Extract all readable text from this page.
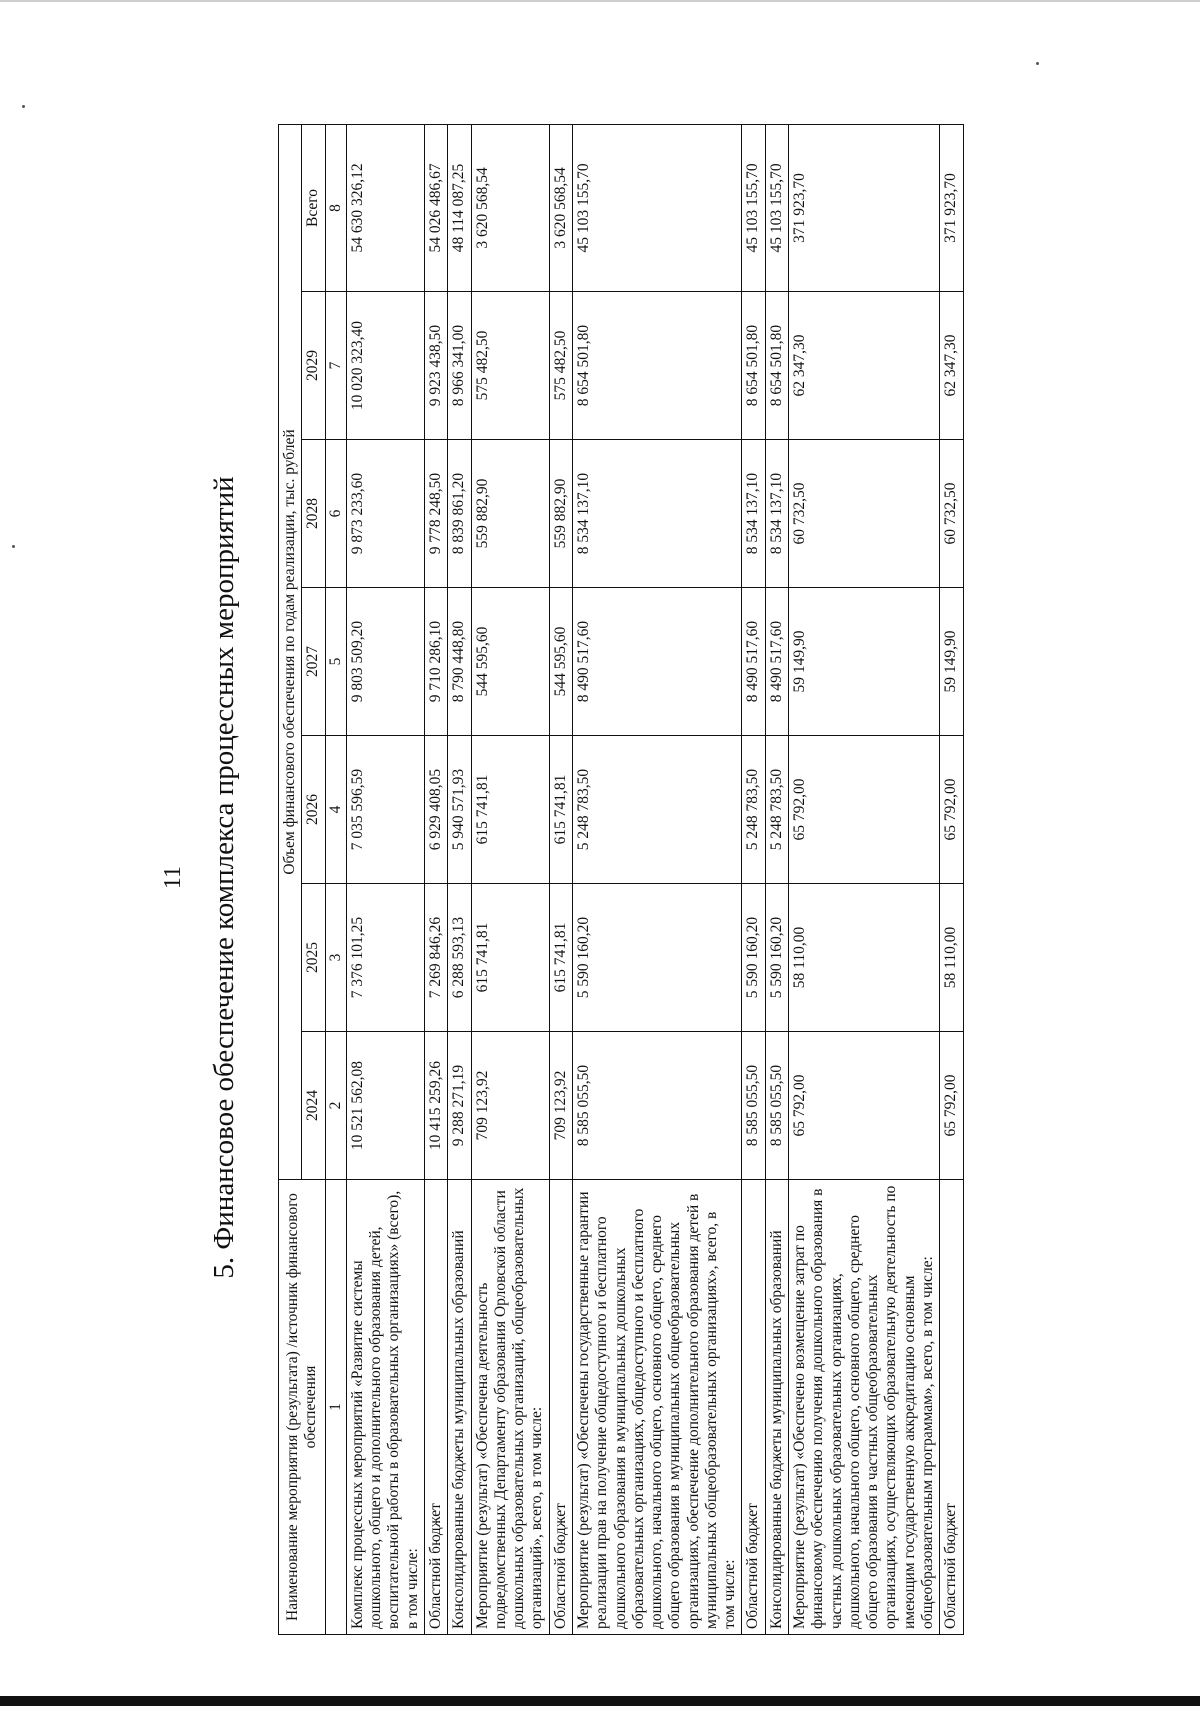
11 5. Финансовое обеспечение комплекса процессных мероприятий
Наименование мероприятия (результата) /источник финансового обеспечения	Объем финансового обеспечения по годам реализации, тыс. рублей						
	2024	2025	2026	2027	2028	2029	Всего
1	2	3	4	5	6	7	8
Комплекс процессных мероприятий «Развитие системы дошкольного, общего и дополнительного образования детей, воспитательной работы в образовательных организациях» (всего), в том числе:	10 521 562,08	7 376 101,25	7 035 596,59	9 803 509,20	9 873 233,60	10 020 323,40	54 630 326,12
Областной бюджет	10 415 259,26	7 269 846,26	6 929 408,05	9 710 286,10	9 778 248,50	9 923 438,50	54 026 486,67
Консолидированные бюджеты муниципальных образований	9 288 271,19	6 288 593,13	5 940 571,93	8 790 448,80	8 839 861,20	8 966 341,00	48 114 087,25
Мероприятие (результат) «Обеспечена деятельность подведомственных Департаменту образования Орловской области дошкольных образовательных организаций, общеобразовательных организаций», всего, в том числе:	709 123,92	615 741,81	615 741,81	544 595,60	559 882,90	575 482,50	3 620 568,54
Областной бюджет	709 123,92	615 741,81	615 741,81	544 595,60	559 882,90	575 482,50	3 620 568,54
Мероприятие (результат) «Обеспечены государственные гарантии реализации прав на получение общедоступного и бесплатного дошкольного образования в муниципальных дошкольных образовательных организациях, общедоступного и бесплатного дошкольного, начального общего, основного общего, среднего общего образования в муниципальных общеобразовательных организациях, обеспечение дополнительного образования детей в муниципальных общеобразовательных организациях», всего, в том числе:	8 585 055,50	5 590 160,20	5 248 783,50	8 490 517,60	8 534 137,10	8 654 501,80	45 103 155,70
Областной бюджет	8 585 055,50	5 590 160,20	5 248 783,50	8 490 517,60	8 534 137,10	8 654 501,80	45 103 155,70
Консолидированные бюджеты муниципальных образований	8 585 055,50	5 590 160,20	5 248 783,50	8 490 517,60	8 534 137,10	8 654 501,80	45 103 155,70
Мероприятие (результат) «Обеспечено возмещение затрат по финансовому обеспечению получения дошкольного образования в частных дошкольных образовательных организациях, дошкольного, начального общего, основного общего, среднего общего образования в частных общеобразовательных организациях, осуществляющих образовательную деятельность по имеющим государственную аккредитацию основным общеобразовательным программам», всего, в том числе:	65 792,00	58 110,00	65 792,00	59 149,90	60 732,50	62 347,30	371 923,70
Областной бюджет	65 792,00	58 110,00	65 792,00	59 149,90	60 732,50	62 347,30	371 923,70
